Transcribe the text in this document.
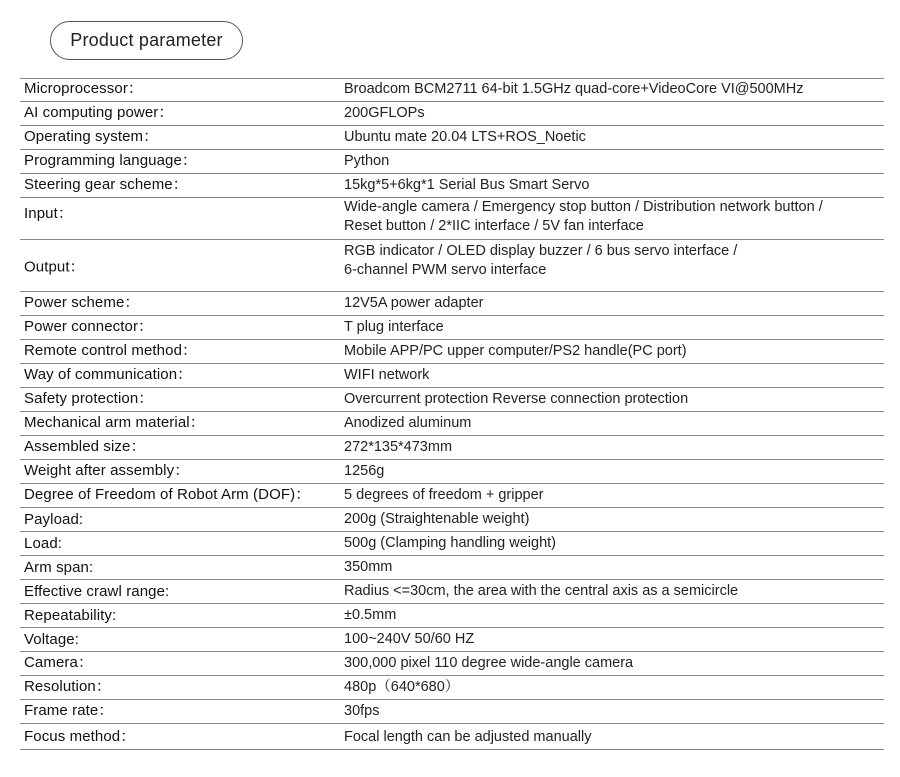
Product parameter
Microprocessor：	Broadcom BCM2711 64-bit 1.5GHz quad-core+VideoCore VI@500MHz
AI computing power：	200GFLOPs
Operating system：	Ubuntu mate 20.04 LTS+ROS_Noetic
Programming language：	Python
Steering gear scheme：	15kg*5+6kg*1 Serial Bus Smart Servo
Input：	Wide-angle camera / Emergency stop button / Distribution network button /
Reset button / 2*IIC interface / 5V fan interface
Output：
RGB indicator / OLED display buzzer / 6 bus servo interface /
6-channel PWM servo interface
Power scheme：	12V5A power adapter
Power connector：	T plug interface
Remote control method：	Mobile APP/PC upper computer/PS2 handle(PC port)
Way of communication：	WIFI network
Safety protection：	Overcurrent protection Reverse connection protection
Mechanical arm material：	Anodized aluminum
Assembled size：	272*135*473mm
Weight after assembly：	1256g
Degree of Freedom of Robot Arm (DOF)： 5 degrees of freedom + gripper
Payload:	200g (Straightenable weight)
Load:	500g (Clamping handling weight)
Arm span:	350mm
Effective crawl range:	Radius <=30cm, the area with the central axis as a semicircle
Repeatability:	±0.5mm
Voltage:	100~240V 50/60 HZ
Camera：	300,000 pixel 110 degree wide-angle camera
Resolution：	480p（640*680）
Frame rate：	30fps
Focus method：	Focal length can be adjusted manually
